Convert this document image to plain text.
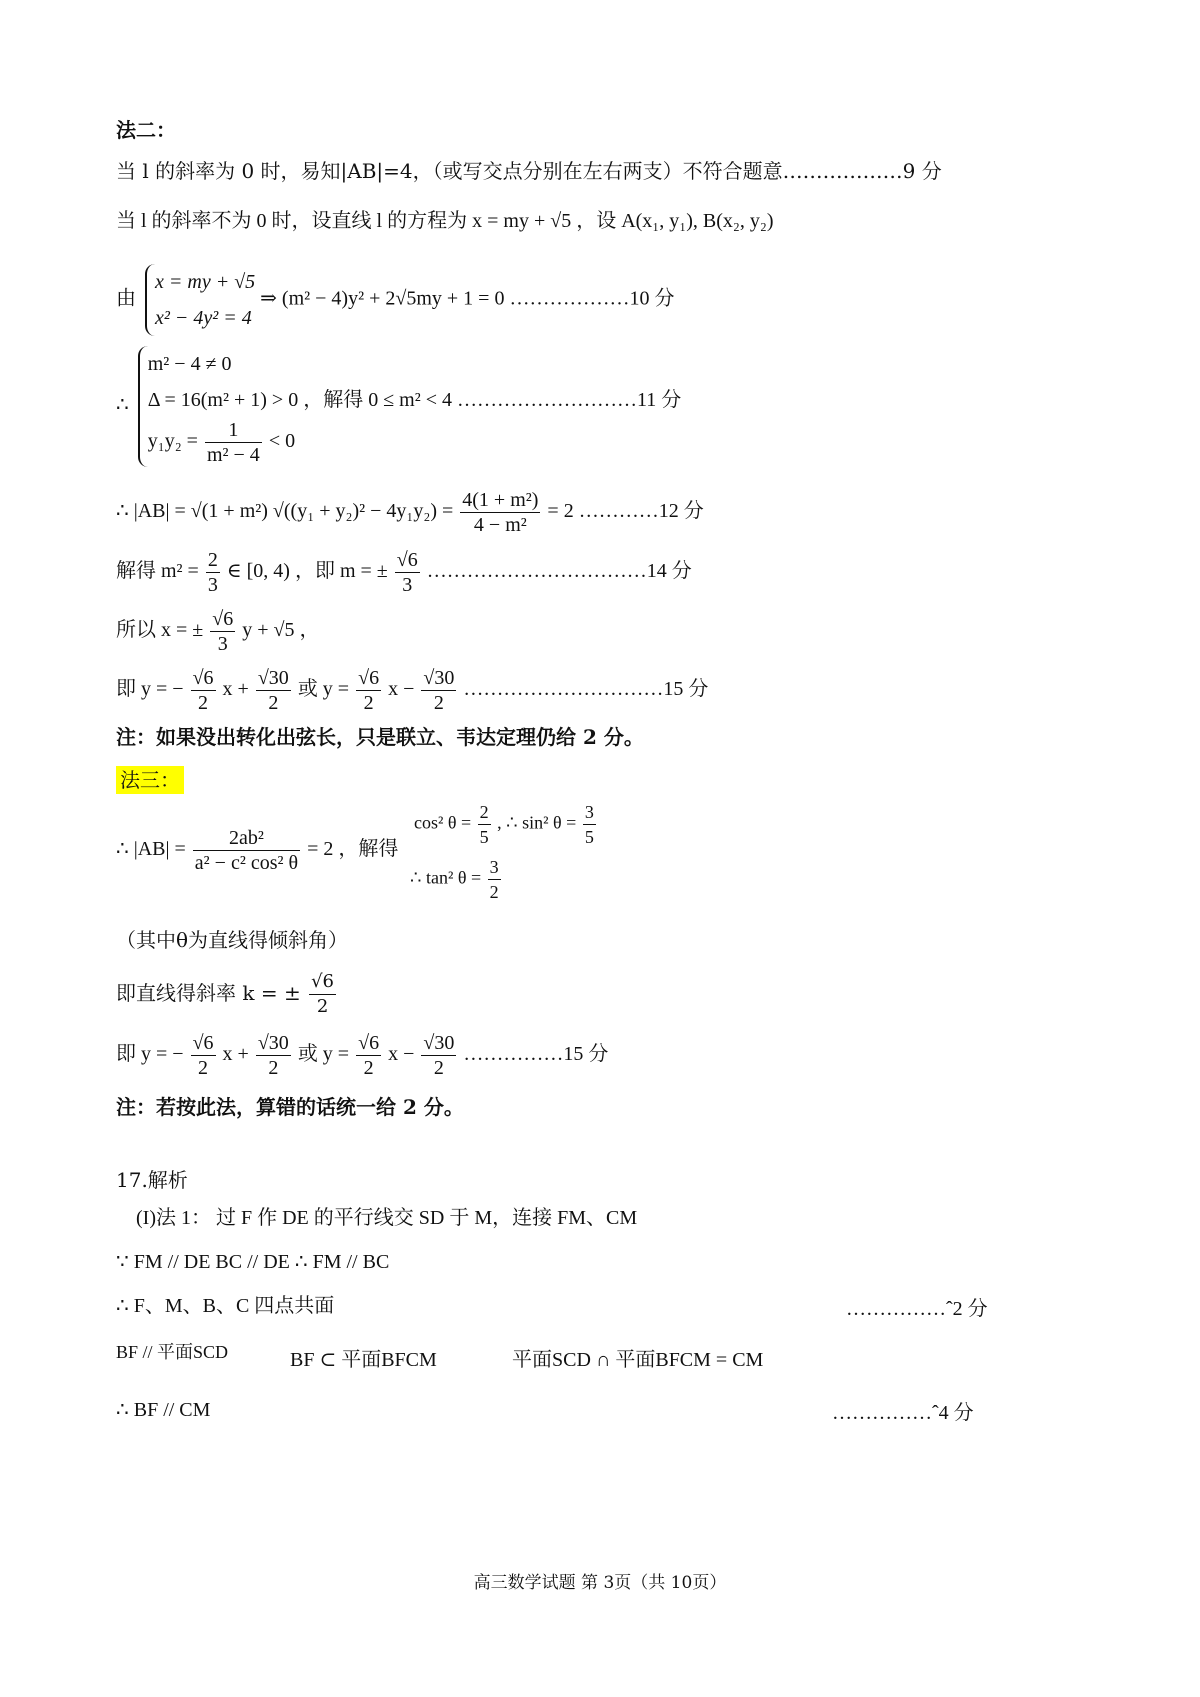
法二：
当 l 的斜率为 0 时，易知|AB|=4，（或写交点分别在左右两支）不符合题意………………9 分
当 l 的斜率不为 0 时，设直线 l 的方程为 x = my + √5 ，设 A(x₁, y₁), B(x₂, y₂)
由
x = my + √5
x² − 4y² = 4
⇒ (m² − 4)y² + 2√5my + 1 = 0 ………………10 分
∴
m² − 4 ≠ 0
Δ = 16(m² + 1) > 0 ，解得 0 ≤ m² < 4 ………………………11 分
$y_1y_2 = \frac{1}{\text{m² − 4}} < 0$
∴ |AB| = √(1 + m²) $√((y_1 + y_2)^2 - 4y_1y_2) = \frac{\text{4(1 + m²)}}{\text{4 − m²}} = 2$ …………12 分
解得 $m^2 = \frac{2}{3}$ ∈ [0, 4) ，即 m = ± $\frac{√6}{3}$ ……………………………14 分
所以 x = ± $\frac{√6}{3}$ y + √5 ，
即 y = − $\frac{√6}{2}$ $x + \frac{√30}{2}$ 或 $y = \frac{√6}{2}$ $x - \frac{√30}{2}$ …………………………15 分
注：如果没出转化出弦长，只是联立、韦达定理仍给 2 分。
法三：
∴ $|AB| = \frac{\text{2ab²}}{\text{a² − c² cos² θ}} = 2$ ，解得
cos² $\theta = \frac{2}{5}$ , ∴ sin² $\theta = \frac{3}{5}$
∴ tan² $\theta = \frac{3}{2}$
（其中θ为直线得倾斜角）
即直线得斜率 k = ± $\frac{√6}{2}$
即 y = − $\frac{√6}{2}$ $x + \frac{√30}{2}$ 或 $y = \frac{√6}{2}$ $x - \frac{√30}{2}$ ……………15 分
注：若按此法，算错的话统一给 2 分。
17.解析
(I)法 1： 过 F 作 DE 的平行线交 SD 于 M，连接 FM、CM
∵ FM // DE BC // DE ∴ FM // BC
∴ F、M、B、C 四点共面	……………ˆ2 分
BF // 平面SCD	BF ⊂ 平面BFCM	平面SCD ∩ 平面BFCM = CM
∴ BF // CM	……………ˆ4 分
高三数学试题 第 3页（共 10页）
